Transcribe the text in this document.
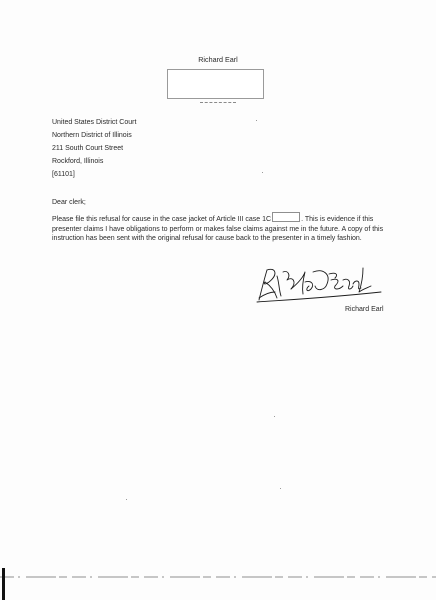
Richard Earl
United States District Court
Northern District of Illinois
211 South Court Street
Rockford, Illinois
[61101]
Dear clerk;
Please file this refusal for cause in the case jacket of Article III case 1C	. This is evidence if this presenter claims I have obligations to perform or makes false claims against me in the future. A copy of this instruction has been sent with the original refusal for cause back to the presenter in a timely fashion.
Richard Earl
